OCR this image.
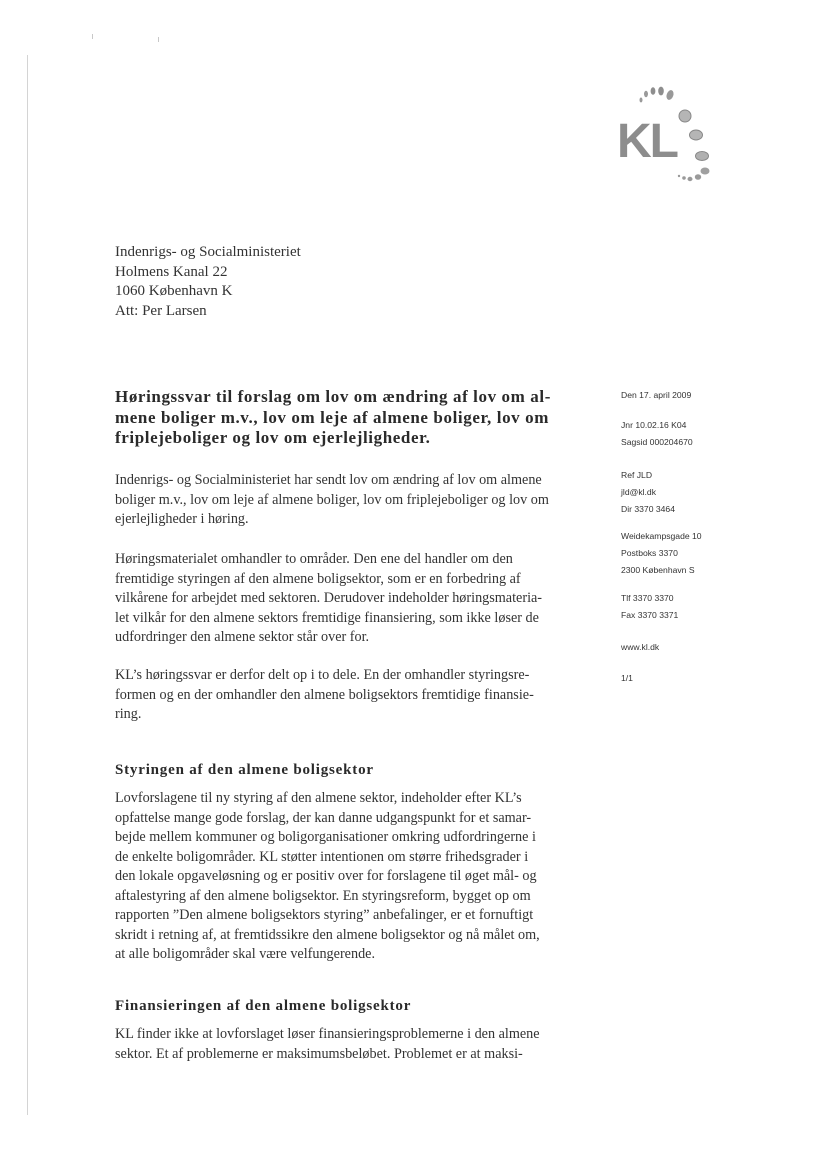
KL
Indenrigs- og Socialministeriet
Holmens Kanal 22
1060 København K
Att: Per Larsen
Høringssvar til forslag om lov om ændring af lov om al-
mene boliger m.v., lov om leje af almene boliger, lov om
friplejeboliger og lov om ejerlejligheder.
Den 17. april 2009
Jnr 10.02.16 K04
Sagsid 000204670
Ref JLD
jld@kl.dk
Dir 3370 3464
Weidekampsgade 10
Postboks 3370
2300 København S
Tlf 3370 3370
Fax 3370 3371
www.kl.dk
1/1
Indenrigs- og Socialministeriet har sendt lov om ændring af lov om almene
boliger m.v., lov om leje af almene boliger, lov om friplejeboliger og lov om
ejerlejligheder i høring.
Høringsmaterialet omhandler to områder. Den ene del handler om den
fremtidige styringen af den almene boligsektor, som er en forbedring af
vilkårene for arbejdet med sektoren. Derudover indeholder høringsmateria-
let vilkår for den almene sektors fremtidige finansiering, som ikke løser de
udfordringer den almene sektor står over for.
KL’s høringssvar er derfor delt op i to dele. En der omhandler styringsre-
formen og en der omhandler den almene boligsektors fremtidige finansie-
ring.
Styringen af den almene boligsektor
Lovforslagene til ny styring af den almene sektor, indeholder efter KL’s
opfattelse mange gode forslag, der kan danne udgangspunkt for et samar-
bejde mellem kommuner og boligorganisationer omkring udfordringerne i
de enkelte boligområder. KL støtter intentionen om større frihedsgrader i
den lokale opgaveløsning og er positiv over for forslagene til øget mål- og
aftalestyring af den almene boligsektor. En styringsreform, bygget op om
rapporten ”Den almene boligsektors styring” anbefalinger, er et fornuftigt
skridt i retning af, at fremtidssikre den almene boligsektor og nå målet om,
at alle boligområder skal være velfungerende.
Finansieringen af den almene boligsektor
KL finder ikke at lovforslaget løser finansieringsproblemerne i den almene
sektor. Et af problemerne er maksimumsbeløbet. Problemet er at maksi-
